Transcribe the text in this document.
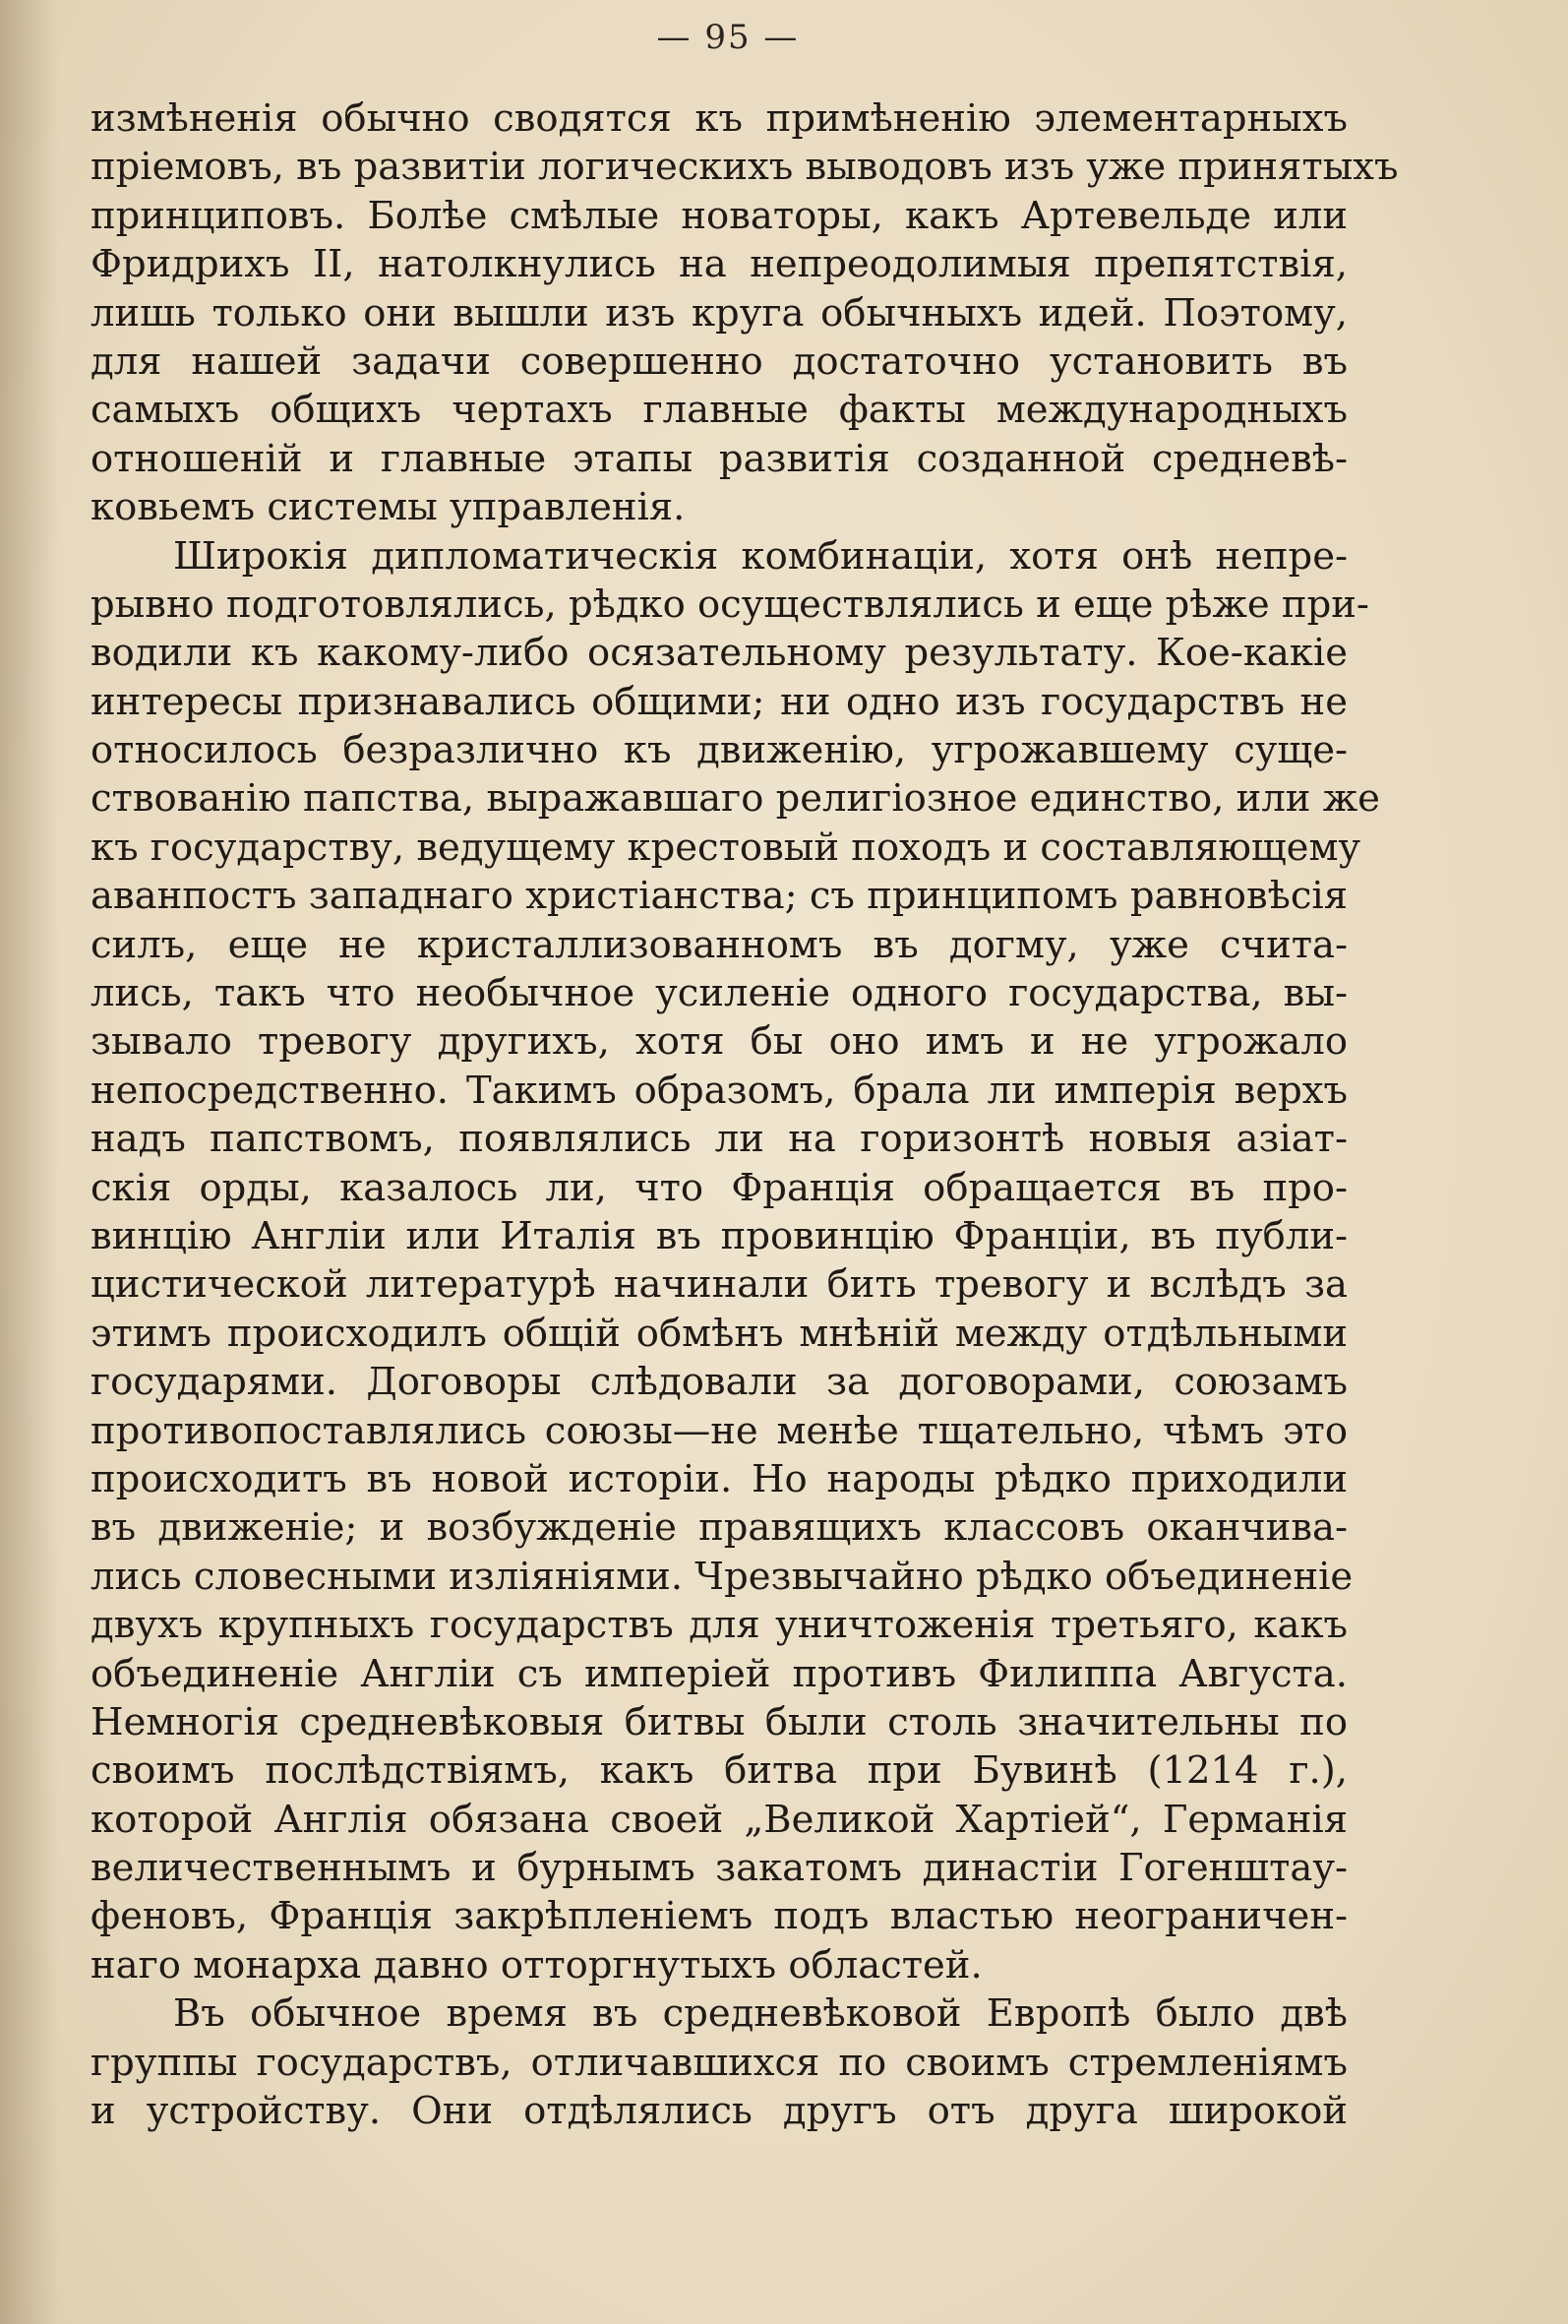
— 95 —
измѣненія обычно сводятся къ примѣненію элементарныхъ
пріемовъ, въ развитіи логическихъ выводовъ изъ уже принятыхъ
принциповъ. Болѣе смѣлые новаторы, какъ Артевельде или
Фридрихъ II, натолкнулись на непреодолимыя препятствія,
лишь только они вышли изъ круга обычныхъ идей. Поэтому,
для нашей задачи совершенно достаточно установить въ
самыхъ общихъ чертахъ главные факты международныхъ
отношеній и главные этапы развитія созданной средневѣ-
ковьемъ системы управленія.
Широкія дипломатическія комбинаціи, хотя онѣ непре-
рывно подготовлялись, рѣдко осуществлялись и еще рѣже при-
водили къ какому-либо осязательному результату. Кое-какіе
интересы признавались общими; ни одно изъ государствъ не
относилось безразлично къ движенію, угрожавшему суще-
ствованію папства, выражавшаго религіозное единство, или же
къ государству, ведущему крестовый походъ и составляющему
аванпостъ западнаго христіанства; съ принципомъ равновѣсія
силъ, еще не кристаллизованномъ въ догму, уже счита-
лись, такъ что необычное усиленіе одного государства, вы-
зывало тревогу другихъ, хотя бы оно имъ и не угрожало
непосредственно. Такимъ образомъ, брала ли имперія верхъ
надъ папствомъ, появлялись ли на горизонтѣ новыя азіат-
скія орды, казалось ли, что Франція обращается въ про-
винцію Англіи или Италія въ провинцію Франціи, въ публи-
цистической литературѣ начинали бить тревогу и вслѣдъ за
этимъ происходилъ общій обмѣнъ мнѣній между отдѣльными
государями. Договоры слѣдовали за договорами, союзамъ
противопоставлялись союзы—не менѣе тщательно, чѣмъ это
происходитъ въ новой исторіи. Но народы рѣдко приходили
въ движеніе; и возбужденіе правящихъ классовъ оканчива-
лись словесными изліяніями. Чрезвычайно рѣдко объединеніе
двухъ крупныхъ государствъ для уничтоженія третьяго, какъ
объединеніе Англіи съ имперіей противъ Филиппа Августа.
Немногія средневѣковыя битвы были столь значительны по
своимъ послѣдствіямъ, какъ битва при Бувинѣ (1214 г.),
которой Англія обязана своей „Великой Хартіей“, Германія
величественнымъ и бурнымъ закатомъ династіи Гогенштау-
феновъ, Франція закрѣпленіемъ подъ властью неограничен-
наго монарха давно отторгнутыхъ областей.
Въ обычное время въ средневѣковой Европѣ было двѣ
группы государствъ, отличавшихся по своимъ стремленіямъ
и устройству. Они отдѣлялись другъ отъ друга широкой
